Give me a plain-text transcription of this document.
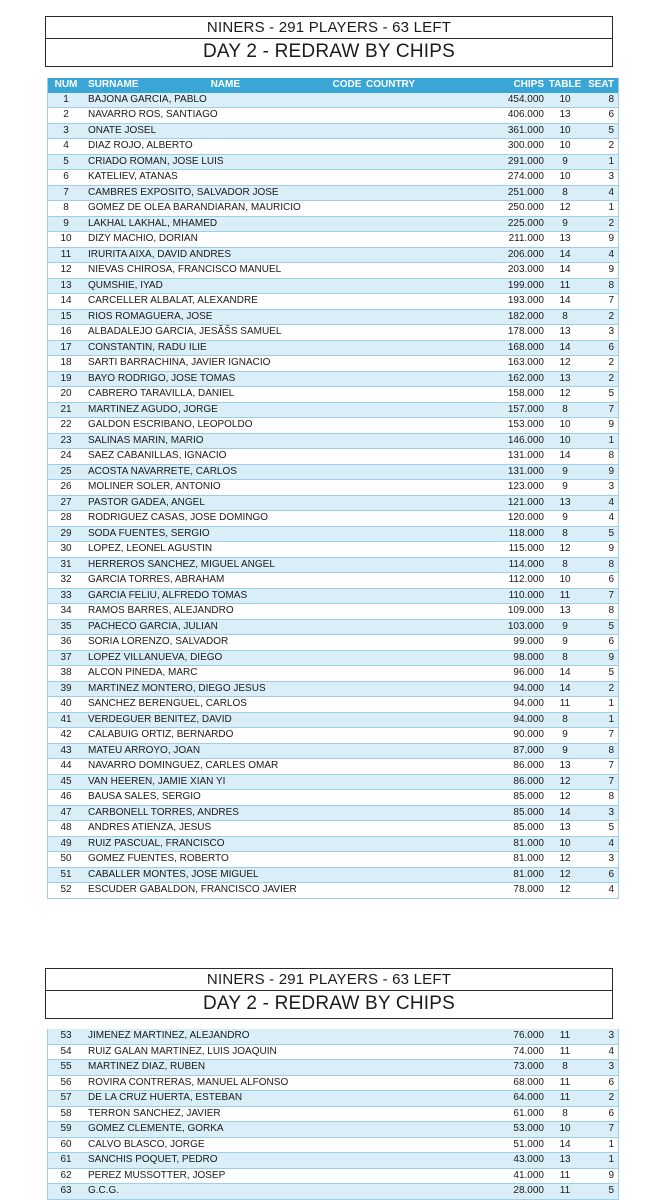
NINERS - 291 PLAYERS - 63 LEFT
DAY 2 - REDRAW BY CHIPS
NUM	SURNAME NAME	CODE	COUNTRY	CHIPS	TABLE	SEAT
1	BAJONA GARCIA, PABLO			454.000	10	8
2	NAVARRO ROS, SANTIAGO			406.000	13	6
3	ONATE JOSEL			361.000	10	5
4	DIAZ ROJO, ALBERTO			300.000	10	2
5	CRIADO ROMAN, JOSE LUIS			291.000	9	1
6	KATELIEV, ATANAS			274.000	10	3
7	CAMBRES EXPOSITO, SALVADOR JOSE			251.000	8	4
8	GOMEZ DE OLEA BARANDIARAN, MAURICIO			250.000	12	1
9	LAKHAL LAKHAL, MHAMED			225.000	9	2
10	DIZY MACHIO, DORIAN			211.000	13	9
11	IRURITA AIXA, DAVID ANDRES			206.000	14	4
12	NIEVAS CHIROSA, FRANCISCO MANUEL			203.000	14	9
13	QUMSHIE, IYAD			199.000	11	8
14	CARCELLER ALBALAT, ALEXANDRE			193.000	14	7
15	RIOS ROMAGUERA, JOSE			182.000	8	2
16	ALBADALEJO GARCIA, JESÃŠS SAMUEL			178.000	13	3
17	CONSTANTIN, RADU ILIE			168.000	14	6
18	SARTI BARRACHINA, JAVIER IGNACIO			163.000	12	2
19	BAYO RODRIGO, JOSE TOMAS			162.000	13	2
20	CABRERO TARAVILLA, DANIEL			158.000	12	5
21	MARTINEZ AGUDO, JORGE			157.000	8	7
22	GALDON ESCRIBANO, LEOPOLDO			153.000	10	9
23	SALINAS MARIN, MARIO			146.000	10	1
24	SAEZ CABANILLAS, IGNACIO			131.000	14	8
25	ACOSTA NAVARRETE, CARLOS			131.000	9	9
26	MOLINER SOLER, ANTONIO			123.000	9	3
27	PASTOR GADEA, ANGEL			121.000	13	4
28	RODRIGUEZ CASAS, JOSE DOMINGO			120.000	9	4
29	SODA FUENTES, SERGIO			118.000	8	5
30	LOPEZ, LEONEL AGUSTIN			115.000	12	9
31	HERREROS SANCHEZ, MIGUEL ANGEL			114.000	8	8
32	GARCIA TORRES, ABRAHAM			112.000	10	6
33	GARCIA FELIU, ALFREDO TOMAS			110.000	11	7
34	RAMOS BARRES, ALEJANDRO			109.000	13	8
35	PACHECO GARCIA, JULIAN			103.000	9	5
36	SORIA LORENZO, SALVADOR			99.000	9	6
37	LOPEZ VILLANUEVA, DIEGO			98.000	8	9
38	ALCON PINEDA, MARC			96.000	14	5
39	MARTINEZ MONTERO, DIEGO JESUS			94.000	14	2
40	SANCHEZ BERENGUEL, CARLOS			94.000	11	1
41	VERDEGUER BENITEZ, DAVID			94.000	8	1
42	CALABUIG ORTIZ, BERNARDO			90.000	9	7
43	MATEU ARROYO, JOAN			87.000	9	8
44	NAVARRO DOMINGUEZ, CARLES OMAR			86.000	13	7
45	VAN HEEREN, JAMIE XIAN YI			86.000	12	7
46	BAUSA SALES, SERGIO			85.000	12	8
47	CARBONELL TORRES, ANDRES			85.000	14	3
48	ANDRES ATIENZA, JESUS			85.000	13	5
49	RUIZ PASCUAL, FRANCISCO			81.000	10	4
50	GOMEZ FUENTES, ROBERTO			81.000	12	3
51	CABALLER MONTES, JOSE MIGUEL			81.000	12	6
52	ESCUDER GABALDON, FRANCISCO JAVIER			78.000	12	4
NINERS - 291 PLAYERS - 63 LEFT
DAY 2 - REDRAW BY CHIPS
53	JIMENEZ MARTINEZ, ALEJANDRO			76.000	11	3
54	RUIZ GALAN MARTINEZ, LUIS JOAQUIN			74.000	11	4
55	MARTINEZ DIAZ, RUBEN			73.000	8	3
56	ROVIRA CONTRERAS, MANUEL ALFONSO			68.000	11	6
57	DE LA CRUZ HUERTA, ESTEBAN			64.000	11	2
58	TERRON SANCHEZ, JAVIER			61.000	8	6
59	GOMEZ CLEMENTE, GORKA			53.000	10	7
60	CALVO BLASCO, JORGE			51.000	14	1
61	SANCHIS POQUET, PEDRO			43.000	13	1
62	PEREZ MUSSOTTER, JOSEP			41.000	11	9
63	G.C.G.			28.000	11	5
